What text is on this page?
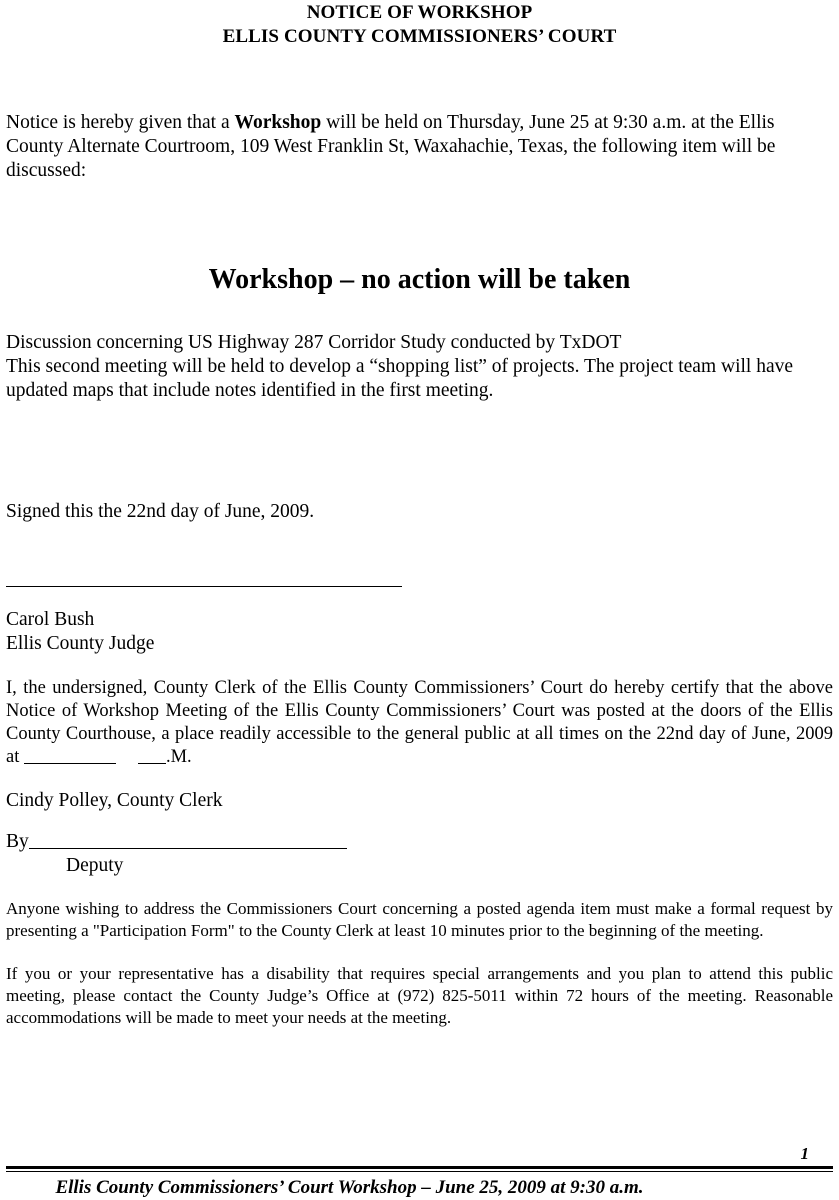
NOTICE OF WORKSHOP
ELLIS COUNTY COMMISSIONERS’ COURT

Notice is hereby given that a Workshop will be held on Thursday, June 25 at 9:30 a.m. at the Ellis County Alternate Courtroom, 109 West Franklin St, Waxahachie, Texas, the following item will be discussed:

Workshop – no action will be taken

Discussion concerning US Highway 287 Corridor Study conducted by TxDOT

This second meeting will be held to develop a “shopping list” of projects. The project team will have updated maps that include notes identified in the first meeting.

Signed this the 22nd day of June, 2009.

Carol Bush

Ellis County Judge

I, the undersigned, County Clerk of the Ellis County Commissioners’ Court do hereby certify that the above Notice of Workshop Meeting of the Ellis County Commissioners’ Court was posted at the doors of the Ellis County Courthouse, a place readily accessible to the general public at all times on the 22nd day of June, 2009 at	.M.

Cindy Polley, County Clerk

By

Deputy

Anyone wishing to address the Commissioners Court concerning a posted agenda item must make a formal request by presenting a "Participation Form" to the County Clerk at least 10 minutes prior to the beginning of the meeting.

If you or your representative has a disability that requires special arrangements and you plan to attend this public meeting, please contact the County Judge’s Office at (972) 825-5011 within 72 hours of the meeting. Reasonable accommodations will be made to meet your needs at the meeting.

1

Ellis County Commissioners’ Court Workshop – June 25, 2009 at 9:30 a.m.
